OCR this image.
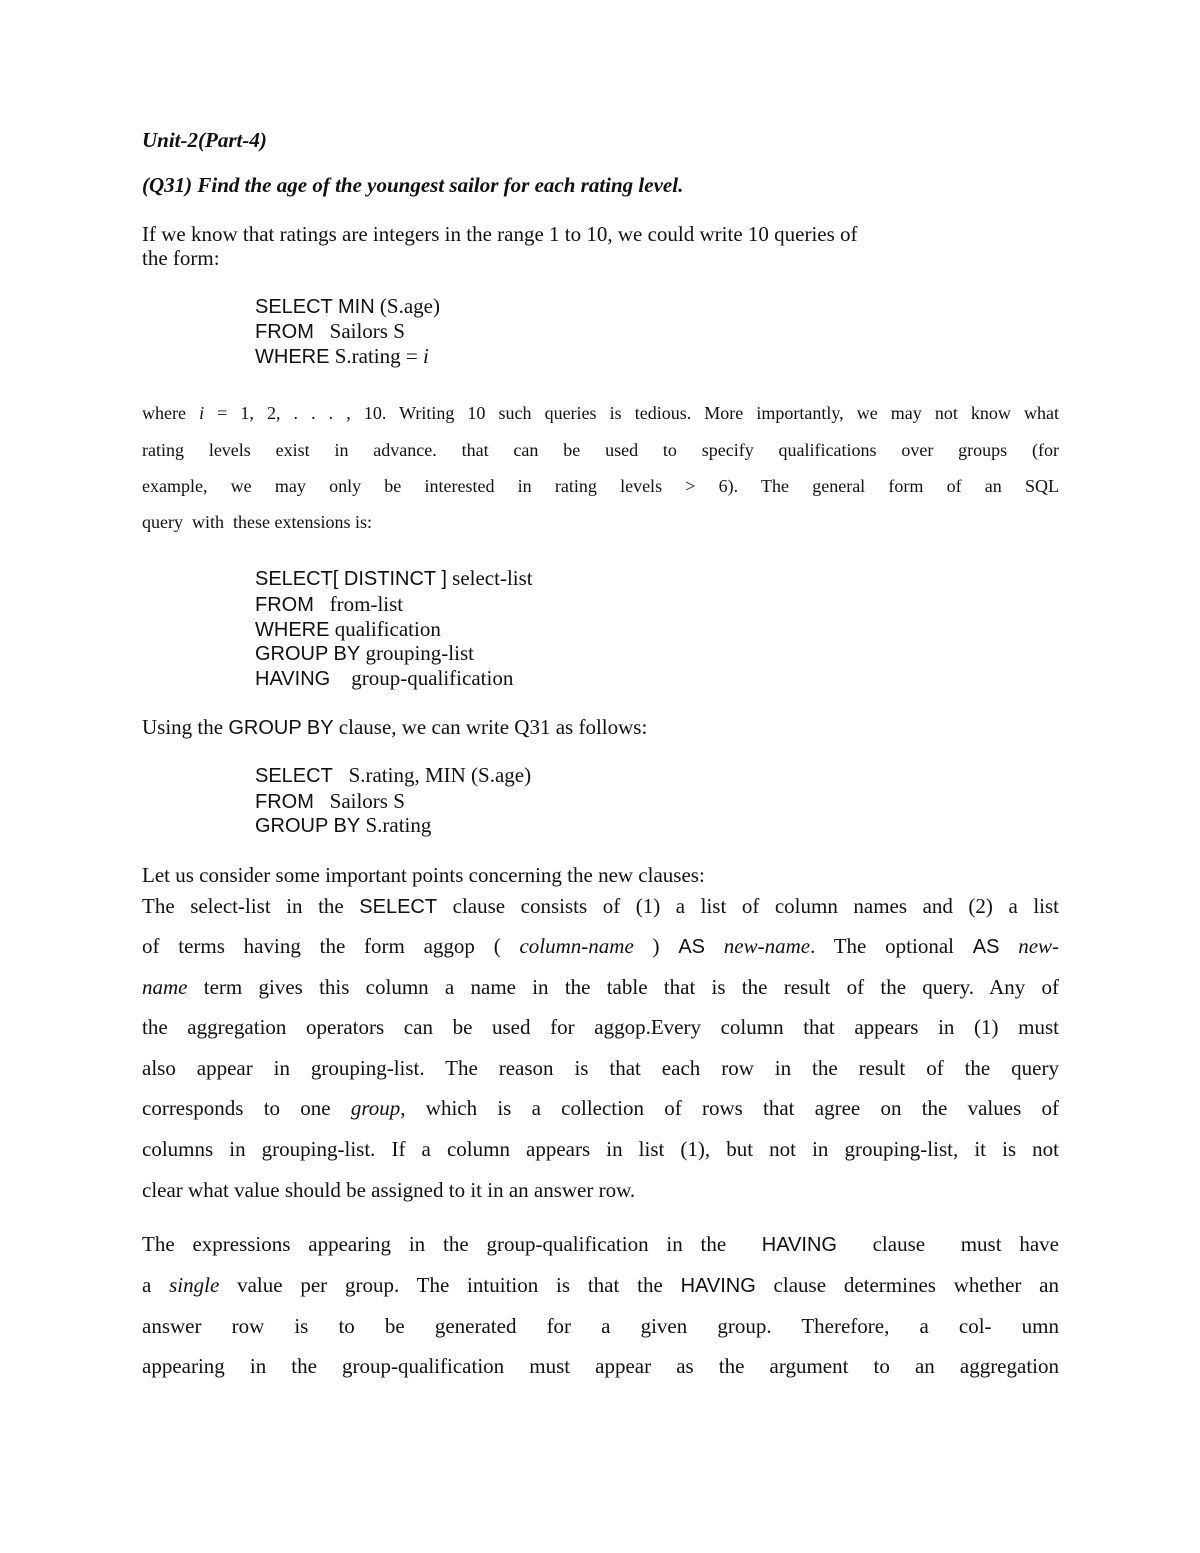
Unit-2(Part-4)
(Q31) Find the age of the youngest sailor for each rating level.
If we know that ratings are integers in the range 1 to 10, we could write 10 queries of
the form:
SELECT MIN (S.age)
FROM   Sailors S
WHERE S.rating = i
where i = 1, 2, . . . , 10. Writing 10 such queries is tedious. More importantly, we may not know what
rating levels exist in advance. that can be used to specify qualifications over groups (for
example, we may only be interested in rating levels > 6). The general form of an SQL
query  with  these extensions is:
SELECT[ DISTINCT ] select-list
FROM   from-list
WHERE qualification
GROUP BY grouping-list
HAVING    group-qualification
Using the GROUP BY clause, we can write Q31 as follows:
SELECT   S.rating, MIN (S.age)
FROM   Sailors S
GROUP BY S.rating
Let us consider some important points concerning the new clauses:
The select-list in the SELECT clause consists of (1) a list of column names and (2) a list
of terms having the form aggop ( column-name ) AS new-name. The optional AS new-
name term gives this column a name in the table that is the result of the query. Any of
the aggregation operators can be used for aggop.Every column that appears in (1) must
also appear in grouping-list. The reason is that each row in the result of the query
corresponds to one group, which is a collection of rows that agree on the values of
columns in grouping-list. If a column appears in list (1), but not in grouping-list, it is not
clear what value should be assigned to it in an answer row.
The expressions appearing in the group-qualification in the  HAVING  clause  must have
a single value per group. The intuition is that the HAVING clause determines whether an
answer row is to be generated for a given group. Therefore, a col- umn
appearing in the group-qualification must appear as the argument to an aggregation
